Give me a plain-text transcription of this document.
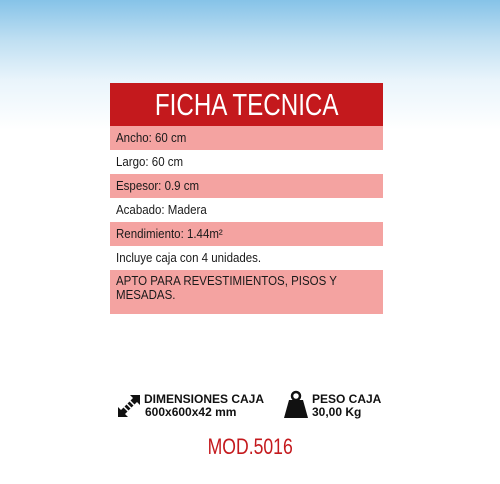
FICHA TECNICA
Ancho: 60 cm
Largo: 60 cm
Espesor: 0.9 cm
Acabado: Madera
Rendimiento: 1.44m²
Incluye caja con 4 unidades.
APTO PARA REVESTIMIENTOS, PISOS Y MESADAS.
DIMENSIONES CAJA
600x600x42 mm
PESO CAJA
30,00 Kg
MOD.5016
